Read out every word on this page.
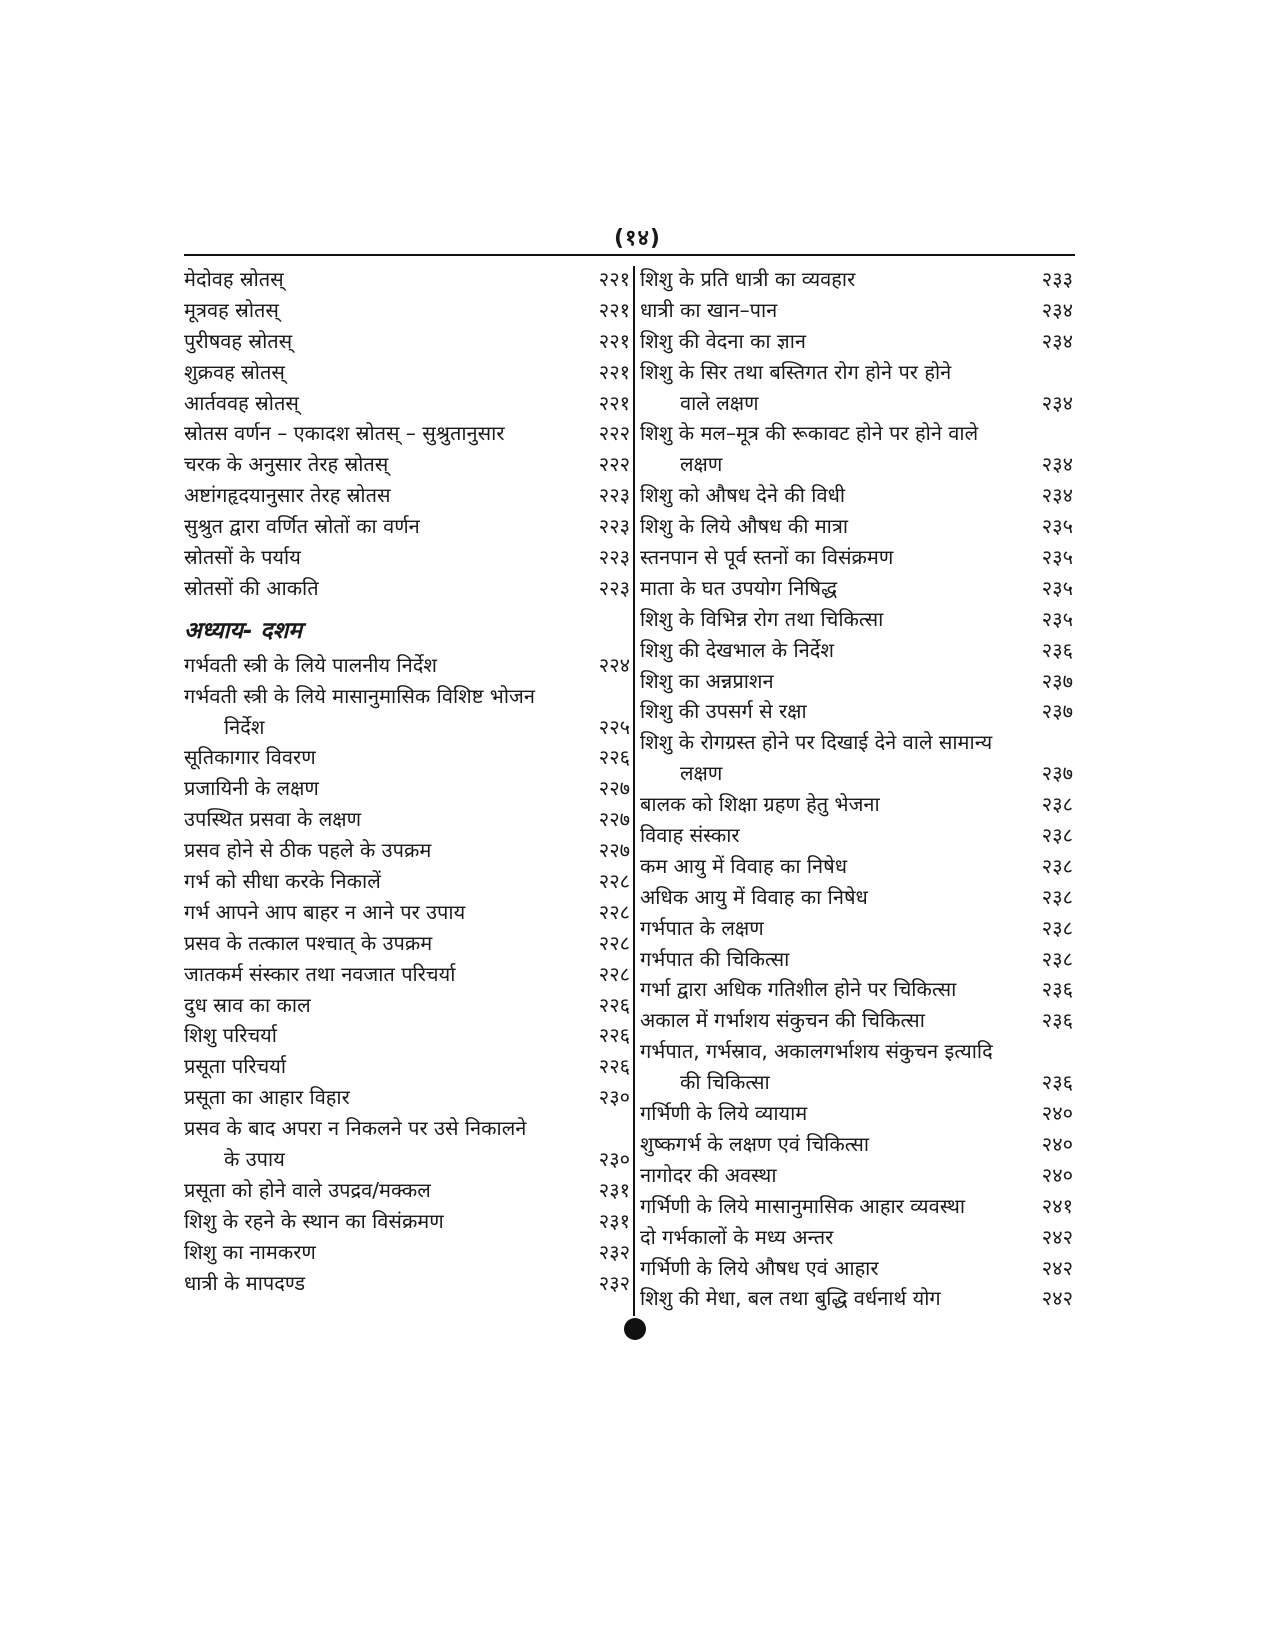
(१४)
मेदोवह स्रोतस्	२२१
मूत्रवह स्रोतस्	२२१
पुरीषवह स्रोतस्	२२१
शुक्रवह स्रोतस्	२२१
आर्तववह स्रोतस्	२२१
स्रोतस वर्णन – एकादश स्रोतस् – सुश्रुतानुसार	२२२
चरक के अनुसार तेरह स्रोतस्	२२२
अष्टांगहृदयानुसार तेरह स्रोतस	२२३
सुश्रुत द्वारा वर्णित स्रोतों का वर्णन	२२३
स्रोतसों के पर्याय	२२३
स्रोतसों की आकति	२२३
अध्याय- दशम
गर्भवती स्त्री के लिये पालनीय निर्देश	२२४
गर्भवती स्त्री के लिये मासानुमासिक विशिष्ट भोजन
निर्देश	२२५
सूतिकागार विवरण	२२६
प्रजायिनी के लक्षण	२२७
उपस्थित प्रसवा के लक्षण	२२७
प्रसव होने से ठीक पहले के उपक्रम	२२७
गर्भ को सीधा करके निकालें	२२८
गर्भ आपने आप बाहर न आने पर उपाय	२२८
प्रसव के तत्काल पश्चात् के उपक्रम	२२८
जातकर्म संस्कार तथा नवजात परिचर्या	२२८
दुध स्राव का काल	२२६
शिशु परिचर्या	२२६
प्रसूता परिचर्या	२२६
प्रसूता का आहार विहार	२३०
प्रसव के बाद अपरा न निकलने पर उसे निकालने
के उपाय	२३०
प्रसूता को होने वाले उपद्रव/मक्कल	२३१
शिशु के रहने के स्थान का विसंक्रमण	२३१
शिशु का नामकरण	२३२
धात्री के मापदण्ड	२३२
शिशु के प्रति धात्री का व्यवहार	२३३
धात्री का खान–पान	२३४
शिशु की वेदना का ज्ञान	२३४
शिशु के सिर तथा बस्तिगत रोग होने पर होने
वाले लक्षण	२३४
शिशु के मल–मूत्र की रूकावट होने पर होने वाले
लक्षण	२३४
शिशु को औषध देने की विधी	२३४
शिशु के लिये औषध की मात्रा	२३५
स्तनपान से पूर्व स्तनों का विसंक्रमण	२३५
माता के घत उपयोग निषिद्ध	२३५
शिशु के विभिन्न रोग तथा चिकित्सा	२३५
शिशु की देखभाल के निर्देश	२३६
शिशु का अन्नप्राशन	२३७
शिशु की उपसर्ग से रक्षा	२३७
शिशु के रोगग्रस्त होने पर दिखाई देने वाले सामान्य
लक्षण	२३७
बालक को शिक्षा ग्रहण हेतु भेजना	२३८
विवाह संस्कार	२३८
कम आयु में विवाह का निषेध	२३८
अधिक आयु में विवाह का निषेध	२३८
गर्भपात के लक्षण	२३८
गर्भपात की चिकित्सा	२३८
गर्भा द्वारा अधिक गतिशील होने पर चिकित्सा	२३६
अकाल में गर्भाशय संकुचन की चिकित्सा	२३६
गर्भपात, गर्भस्राव, अकालगर्भाशय संकुचन इत्यादि
की चिकित्सा	२३६
गर्भिणी के लिये व्यायाम	२४०
शुष्कगर्भ के लक्षण एवं चिकित्सा	२४०
नागोदर की अवस्था	२४०
गर्भिणी के लिये मासानुमासिक आहार व्यवस्था	२४१
दो गर्भकालों के मध्य अन्तर	२४२
गर्भिणी के लिये औषध एवं आहार	२४२
शिशु की मेधा, बल तथा बुद्धि वर्धनार्थ योग	२४२
